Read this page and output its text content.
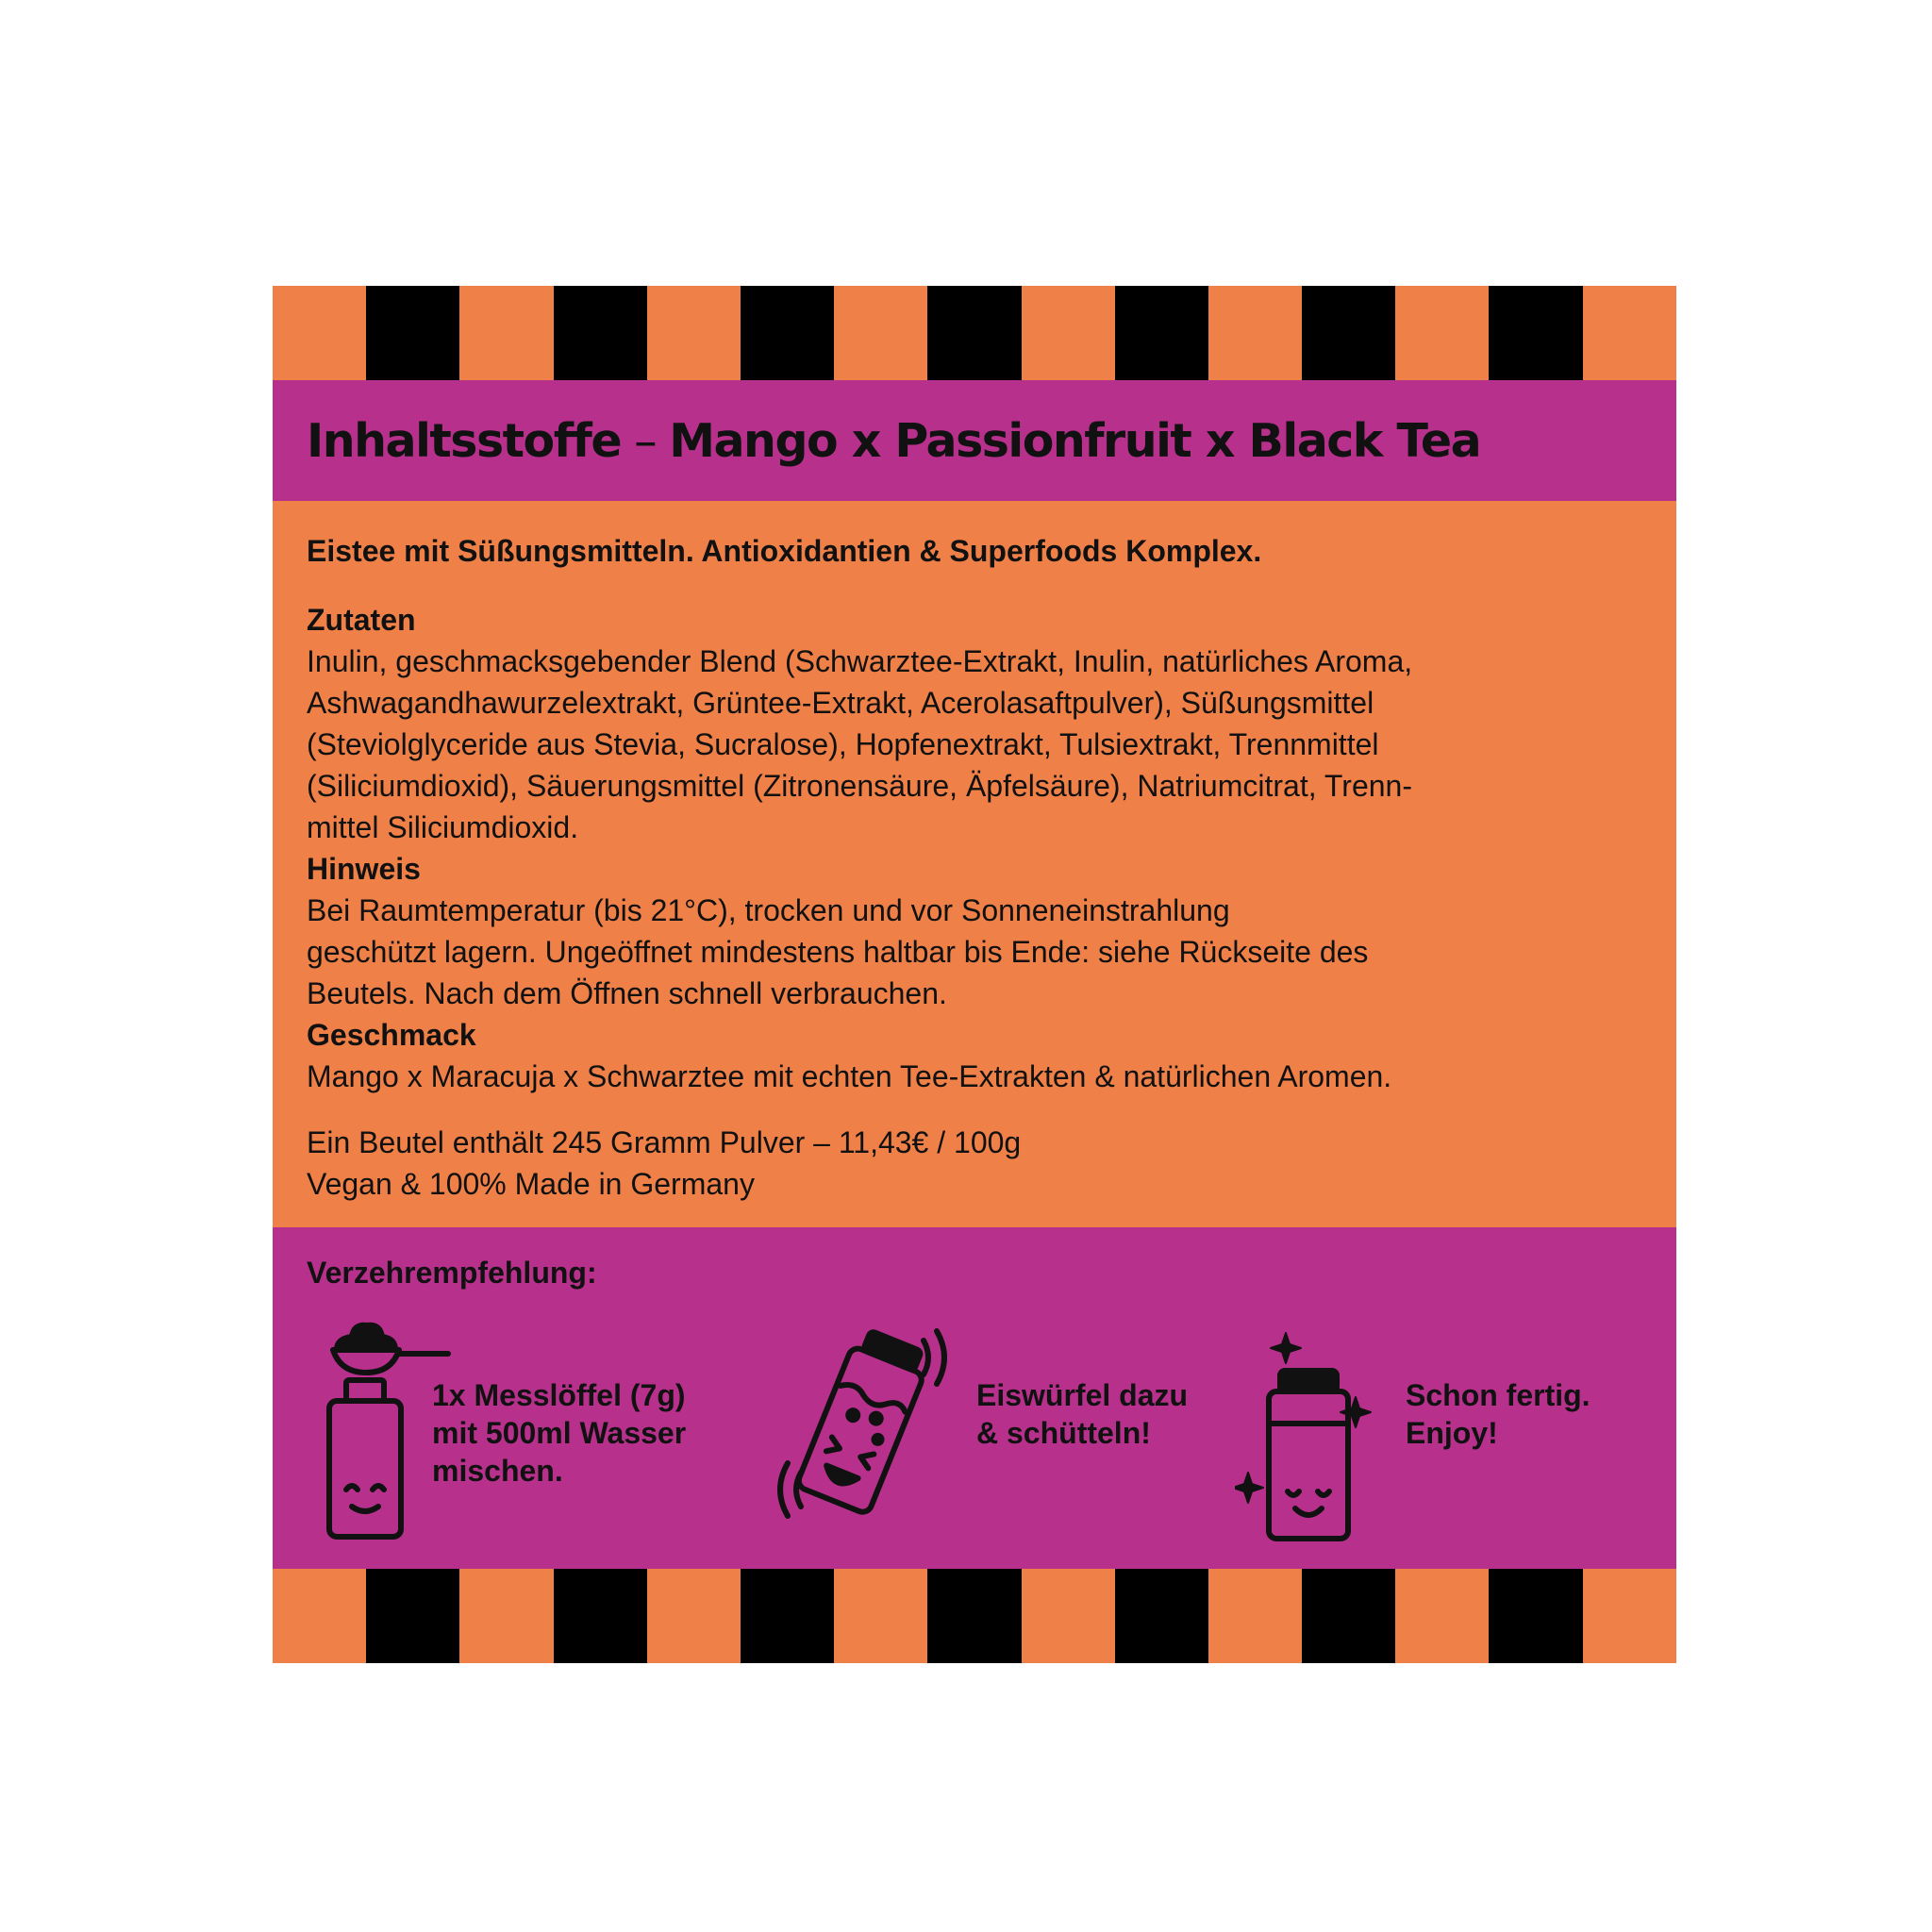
Inhaltsstoffe – Mango x Passionfruit x Black Tea
Eistee mit Süßungsmitteln. Antioxidantien & Superfoods Komplex.
Zutaten
Inulin, geschmacksgebender Blend (Schwarztee-Extrakt, Inulin, natürliches Aroma,
Ashwagandhawurzelextrakt, Grüntee-Extrakt, Acerolasaftpulver), Süßungsmittel
(Steviolglyceride aus Stevia, Sucralose), Hopfenextrakt, Tulsiextrakt, Trennmittel
(Siliciumdioxid), Säuerungsmittel (Zitronensäure, Äpfelsäure), Natriumcitrat, Trenn-
mittel Siliciumdioxid.
Hinweis
Bei Raumtemperatur (bis 21°C), trocken und vor Sonneneinstrahlung
geschützt lagern. Ungeöffnet mindestens haltbar bis Ende: siehe Rückseite des
Beutels. Nach dem Öffnen schnell verbrauchen.
Geschmack
Mango x Maracuja x Schwarztee mit echten Tee-Extrakten & natürlichen Aromen.
Ein Beutel enthält 245 Gramm Pulver – 11,43€ / 100g
Vegan & 100% Made in Germany
Verzehrempfehlung:
1x Messlöffel (7g)
mit 500ml Wasser
mischen.
Eiswürfel dazu
& schütteln!
Schon fertig.
Enjoy!
